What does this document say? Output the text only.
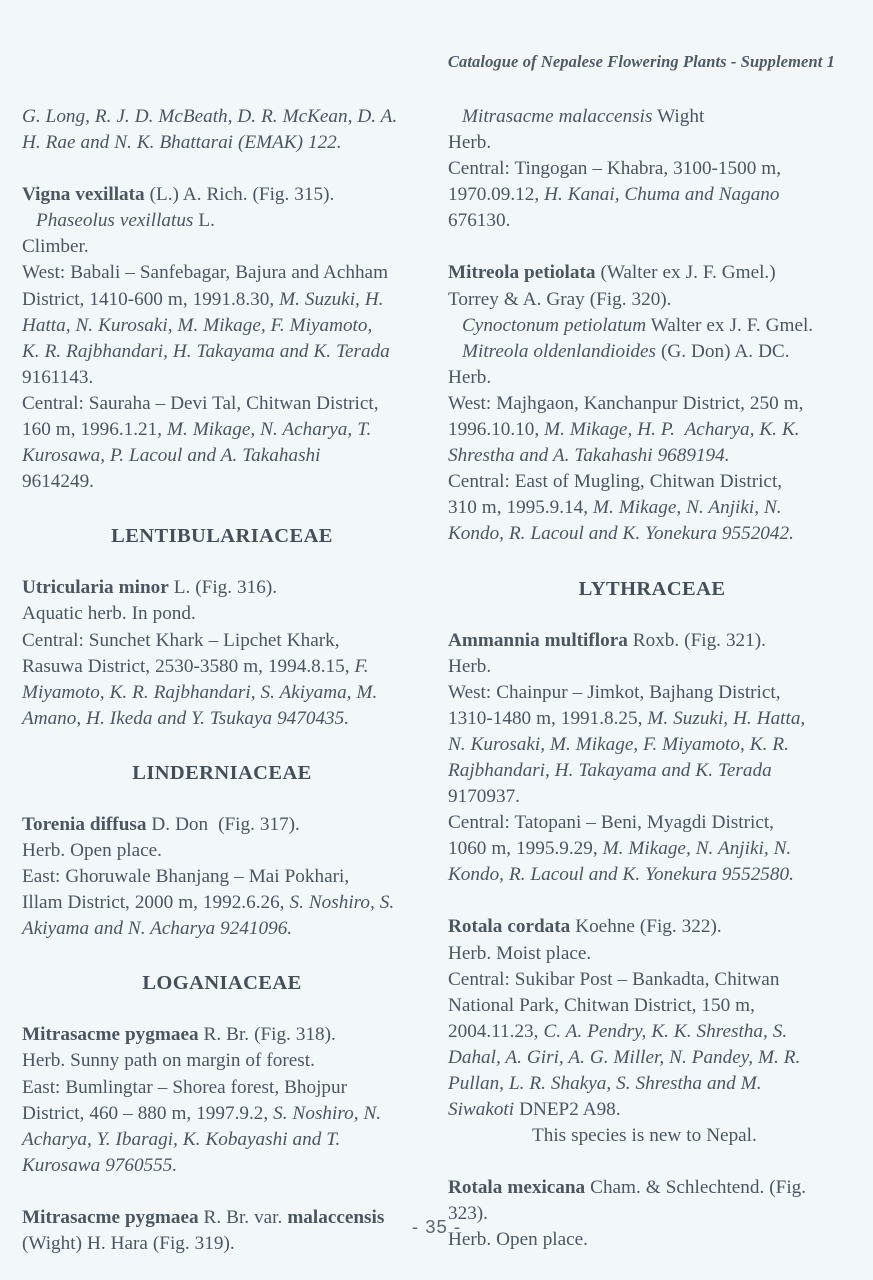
Catalogue of Nepalese Flowering Plants - Supplement 1
G. Long, R. J. D. McBeath, D. R. McKean, D. A.
H. Rae and N. K. Bhattarai (EMAK) 122.
Vigna vexillata (L.) A. Rich. (Fig. 315).
Phaseolus vexillatus L.
Climber.
West: Babali – Sanfebagar, Bajura and Achham
District, 1410-600 m, 1991.8.30, M. Suzuki, H.
Hatta, N. Kurosaki, M. Mikage, F. Miyamoto,
K. R. Rajbhandari, H. Takayama and K. Terada
9161143.
Central: Sauraha – Devi Tal, Chitwan District,
160 m, 1996.1.21, M. Mikage, N. Acharya, T.
Kurosawa, P. Lacoul and A. Takahashi
9614249.
LENTIBULARIACEAE
Utricularia minor L. (Fig. 316).
Aquatic herb. In pond.
Central: Sunchet Khark – Lipchet Khark,
Rasuwa District, 2530-3580 m, 1994.8.15, F.
Miyamoto, K. R. Rajbhandari, S. Akiyama, M.
Amano, H. Ikeda and Y. Tsukaya 9470435.
LINDERNIACEAE
Torenia diffusa D. Don  (Fig. 317).
Herb. Open place.
East: Ghoruwale Bhanjang – Mai Pokhari,
Illam District, 2000 m, 1992.6.26, S. Noshiro, S.
Akiyama and N. Acharya 9241096.
LOGANIACEAE
Mitrasacme pygmaea R. Br. (Fig. 318).
Herb. Sunny path on margin of forest.
East: Bumlingtar – Shorea forest, Bhojpur
District, 460 – 880 m, 1997.9.2, S. Noshiro, N.
Acharya, Y. Ibaragi, K. Kobayashi and T.
Kurosawa 9760555.
Mitrasacme pygmaea R. Br. var. malaccensis
(Wight) H. Hara (Fig. 319).
Mitrasacme malaccensis Wight
Herb.
Central: Tingogan – Khabra, 3100-1500 m,
1970.09.12, H. Kanai, Chuma and Nagano
676130.
Mitreola petiolata (Walter ex J. F. Gmel.)
Torrey & A. Gray (Fig. 320).
Cynoctonum petiolatum Walter ex J. F. Gmel.
Mitreola oldenlandioides (G. Don) A. DC.
Herb.
West: Majhgaon, Kanchanpur District, 250 m,
1996.10.10, M. Mikage, H. P.  Acharya, K. K.
Shrestha and A. Takahashi 9689194.
Central: East of Mugling, Chitwan District,
310 m, 1995.9.14, M. Mikage, N. Anjiki, N.
Kondo, R. Lacoul and K. Yonekura 9552042.
LYTHRACEAE
Ammannia multiflora Roxb. (Fig. 321).
Herb.
West: Chainpur – Jimkot, Bajhang District,
1310-1480 m, 1991.8.25, M. Suzuki, H. Hatta,
N. Kurosaki, M. Mikage, F. Miyamoto, K. R.
Rajbhandari, H. Takayama and K. Terada
9170937.
Central: Tatopani – Beni, Myagdi District,
1060 m, 1995.9.29, M. Mikage, N. Anjiki, N.
Kondo, R. Lacoul and K. Yonekura 9552580.
Rotala cordata Koehne (Fig. 322).
Herb. Moist place.
Central: Sukibar Post – Bankadta, Chitwan
National Park, Chitwan District, 150 m,
2004.11.23, C. A. Pendry, K. K. Shrestha, S.
Dahal, A. Giri, A. G. Miller, N. Pandey, M. R.
Pullan, L. R. Shakya, S. Shrestha and M.
Siwakoti DNEP2 A98.
This species is new to Nepal.
Rotala mexicana Cham. & Schlechtend. (Fig.
323).
Herb. Open place.
- 35 -
